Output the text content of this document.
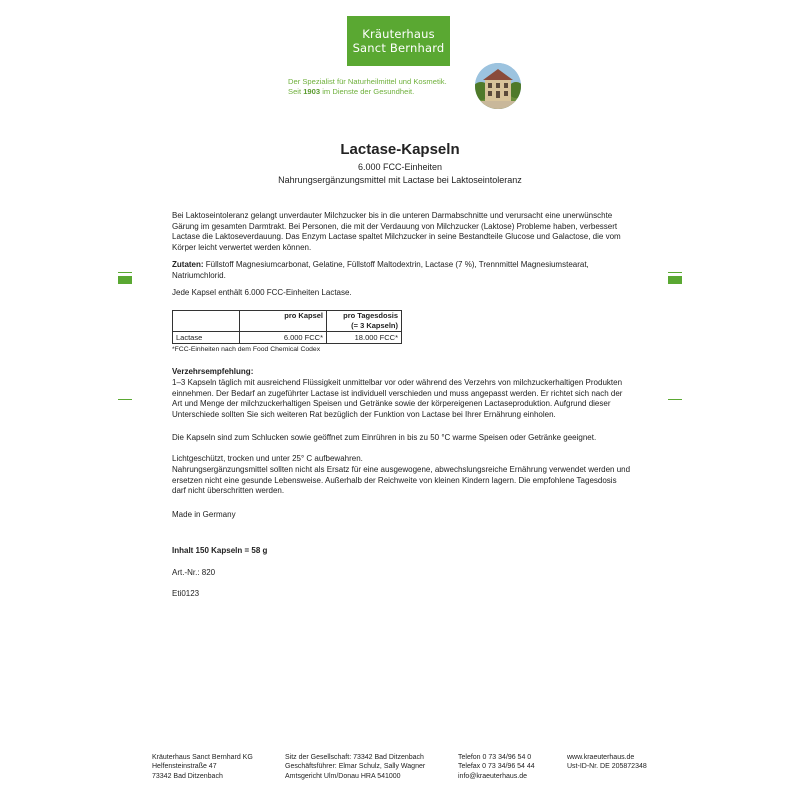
Kräuterhaus
Sanct Bernhard
Der Spezialist für Naturheilmittel und Kosmetik.
Seit 1903 im Dienste der Gesundheit.
Lactase-Kapseln
6.000 FCC-Einheiten
Nahrungsergänzungsmittel mit Lactase bei Laktoseintoleranz

Bei Laktoseintoleranz gelangt unverdauter Milchzucker bis in die unteren Darmabschnitte und verursacht eine unerwünschte Gärung im gesamten Darmtrakt. Bei Personen, die mit der Verdauung von Milchzucker (Laktose) Probleme haben, verbessert Lactase die Laktoseverdauung. Das Enzym Lactase spaltet Milchzucker in seine Bestandteile Glucose und Galactose, die vom Körper leicht verwertet werden können.

Zutaten: Füllstoff Magnesiumcarbonat, Gelatine, Füllstoff Maltodextrin, Lactase (7 %), Trennmittel Magnesiumstearat, Natriumchlorid.

Jede Kapsel enthält 6.000 FCC-Einheiten Lactase.

	pro Kapsel	pro Tagesdosis
(= 3 Kapseln)

Lactase	6.000 FCC*	18.000 FCC*
*FCC-Einheiten nach dem Food Chemical Codex
Verzehrsempfehlung:

1–3 Kapseln täglich mit ausreichend Flüssigkeit unmittelbar vor oder während des Verzehrs von milchzuckerhaltigen Produkten einnehmen. Der Bedarf an zugeführter Lactase ist individuell verschieden und muss angepasst werden. Er richtet sich nach der Art und Menge der milchzuckerhaltigen Speisen und Getränke sowie der körpereigenen Lactaseproduktion. Aufgrund dieser Unterschiede sollten Sie sich weiteren Rat bezüglich der Funktion von Lactase bei Ihrer Ernährung einholen.

Die Kapseln sind zum Schlucken sowie geöffnet zum Einrühren in bis zu 50 °C warme Speisen oder Getränke geeignet.

Lichtgeschützt, trocken und unter 25° C aufbewahren.

Nahrungsergänzungsmittel sollten nicht als Ersatz für eine ausgewogene, abwechslungsreiche Ernährung verwendet werden und ersetzen nicht eine gesunde Lebensweise. Außerhalb der Reichweite von kleinen Kindern lagern. Die empfohlene Tagesdosis darf nicht überschritten werden.

Made in Germany

Inhalt 150 Kapseln = 58 g

Art.-Nr.: 820

Eti0123

Kräuterhaus Sanct Bernhard KG
Helfensteinstraße 47
73342 Bad Ditzenbach
Sitz der Gesellschaft: 73342 Bad Ditzenbach
Geschäftsführer: Elmar Schulz, Sally Wagner
Amtsgericht Ulm/Donau HRA 541000
Telefon 0 73 34/96 54 0
Telefax 0 73 34/96 54 44
info@kraeuterhaus.de
www.kraeuterhaus.de
Ust-ID-Nr. DE 205872348
